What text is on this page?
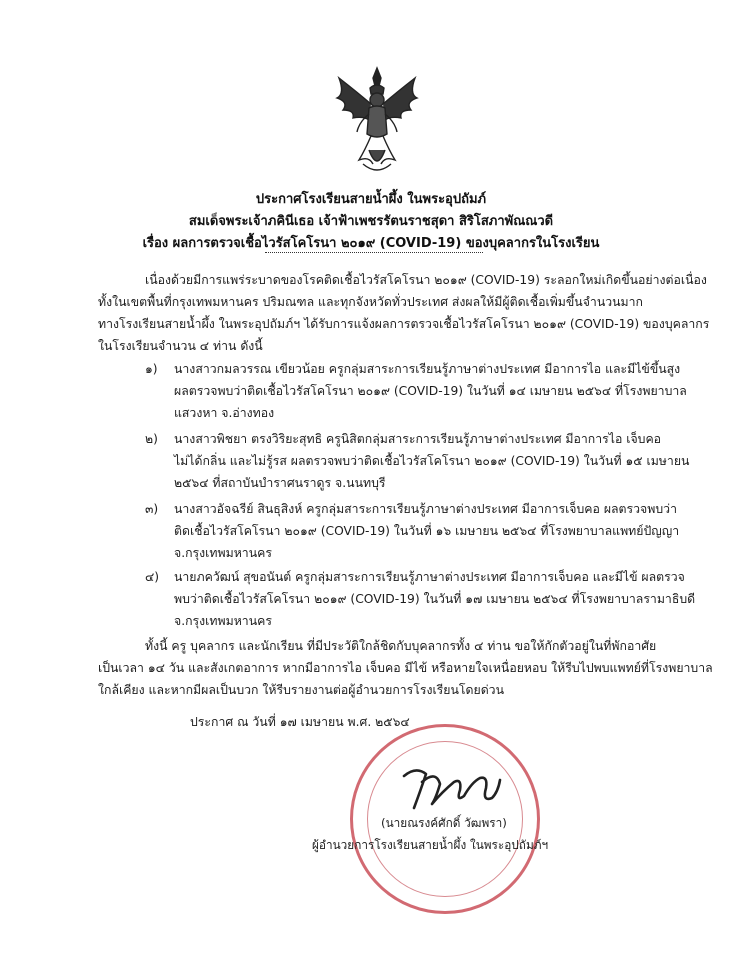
ประกาศโรงเรียนสายน้ำผึ้ง ในพระอุปถัมภ์
สมเด็จพระเจ้าภคินีเธอ เจ้าฟ้าเพชรรัตนราชสุดา สิริโสภาพัณณวดี
เรื่อง ผลการตรวจเชื้อไวรัสโคโรนา ๒๐๑๙ (COVID-19) ของบุคลากรในโรงเรียน
เนื่องด้วยมีการแพร่ระบาดของโรคติดเชื้อไวรัสโคโรนา ๒๐๑๙ (COVID-19) ระลอกใหม่เกิดขึ้นอย่างต่อเนื่อง
ทั้งในเขตพื้นที่กรุงเทพมหานคร ปริมณฑล และทุกจังหวัดทั่วประเทศ ส่งผลให้มีผู้ติดเชื้อเพิ่มขึ้นจำนวนมาก
ทางโรงเรียนสายน้ำผึ้ง ในพระอุปถัมภ์ฯ ได้รับการแจ้งผลการตรวจเชื้อไวรัสโคโรนา ๒๐๑๙ (COVID-19) ของบุคลากร
ในโรงเรียนจำนวน ๔ ท่าน ดังนี้
๑) นางสาวกมลวรรณ เขียวน้อย ครูกลุ่มสาระการเรียนรู้ภาษาต่างประเทศ มีอาการไอ และมีไข้ขึ้นสูง
ผลตรวจพบว่าติดเชื้อไวรัสโคโรนา ๒๐๑๙ (COVID-19) ในวันที่ ๑๔ เมษายน ๒๕๖๔ ที่โรงพยาบาล
แสวงหา จ.อ่างทอง
๒) นางสาวพิชยา ตรงวิริยะสุทธิ ครูนิสิตกลุ่มสาระการเรียนรู้ภาษาต่างประเทศ มีอาการไอ เจ็บคอ
ไม่ได้กลิ่น และไม่รู้รส ผลตรวจพบว่าติดเชื้อไวรัสโคโรนา ๒๐๑๙ (COVID-19) ในวันที่ ๑๕ เมษายน
๒๕๖๔ ที่สถาบันบำราศนราดูร จ.นนทบุรี
๓) นางสาวอัจฉรีย์ สินธุสิงห์ ครูกลุ่มสาระการเรียนรู้ภาษาต่างประเทศ มีอาการเจ็บคอ ผลตรวจพบว่า
ติดเชื้อไวรัสโคโรนา ๒๐๑๙ (COVID-19) ในวันที่ ๑๖ เมษายน ๒๕๖๔ ที่โรงพยาบาลแพทย์ปัญญา
จ.กรุงเทพมหานคร
๔) นายภควัฒน์ สุขอนันต์ ครูกลุ่มสาระการเรียนรู้ภาษาต่างประเทศ มีอาการเจ็บคอ และมีไข้ ผลตรวจ
พบว่าติดเชื้อไวรัสโคโรนา ๒๐๑๙ (COVID-19) ในวันที่ ๑๗ เมษายน ๒๕๖๔ ที่โรงพยาบาลรามาธิบดี
จ.กรุงเทพมหานคร
ทั้งนี้ ครู บุคลากร และนักเรียน ที่มีประวัติใกล้ชิดกับบุคลากรทั้ง ๔ ท่าน ขอให้กักตัวอยู่ในที่พักอาศัย
เป็นเวลา ๑๔ วัน และสังเกตอาการ หากมีอาการไอ เจ็บคอ มีไข้ หรือหายใจเหนื่อยหอบ ให้รีบไปพบแพทย์ที่โรงพยาบาล
ใกล้เคียง และหากมีผลเป็นบวก ให้รีบรายงานต่อผู้อำนวยการโรงเรียนโดยด่วน
ประกาศ ณ วันที่ ๑๗ เมษายน พ.ศ. ๒๕๖๔
(นายณรงค์ศักดิ์ วัฒพรา)
ผู้อำนวยการโรงเรียนสายน้ำผึ้ง ในพระอุปถัมภ์ฯ
